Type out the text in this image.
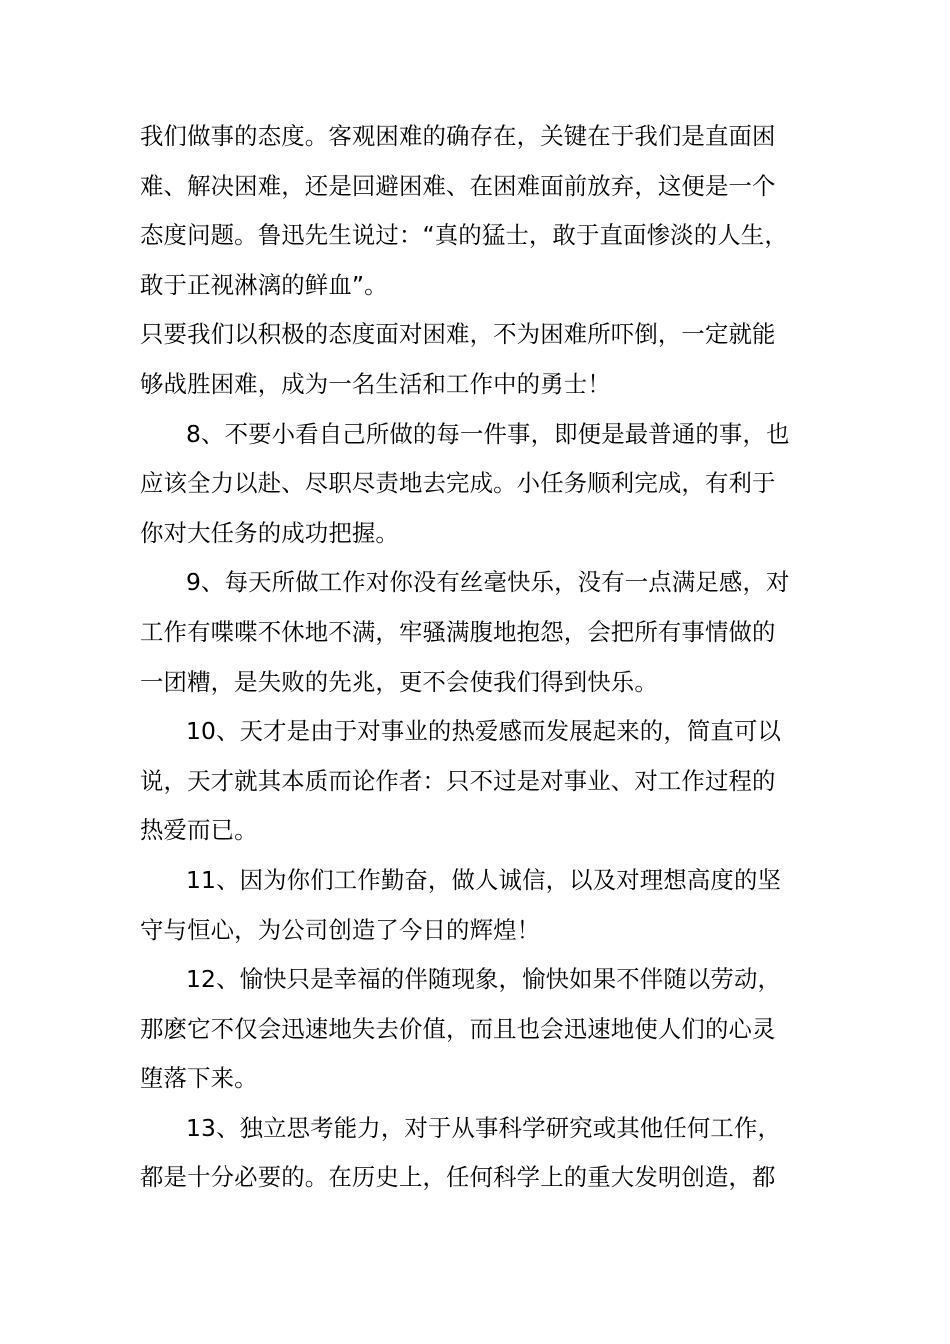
我们做事的态度。客观困难的确存在，关键在于我们是直面困
难、解决困难，还是回避困难、在困难面前放弃，这便是一个
态度问题。鲁迅先生说过：“真的猛士，敢于直面惨淡的人生，
敢于正视淋漓的鲜血”。

只要我们以积极的态度面对困难，不为困难所吓倒，一定就能
够战胜困难，成为一名生活和工作中的勇士！

8、不要小看自己所做的每一件事，即便是最普通的事，也
应该全力以赴、尽职尽责地去完成。小任务顺利完成，有利于
你对大任务的成功把握。

9、每天所做工作对你没有丝毫快乐，没有一点满足感，对
工作有喋喋不休地不满，牢骚满腹地抱怨，会把所有事情做的
一团糟，是失败的先兆，更不会使我们得到快乐。

10、天才是由于对事业的热爱感而发展起来的，简直可以
说，天才就其本质而论作者：只不过是对事业、对工作过程的
热爱而已。

11、因为你们工作勤奋，做人诚信，以及对理想高度的坚
守与恒心，为公司创造了今日的辉煌！

12、愉快只是幸福的伴随现象，愉快如果不伴随以劳动，
那麽它不仅会迅速地失去价值，而且也会迅速地使人们的心灵
堕落下来。

13、独立思考能力，对于从事科学研究或其他任何工作，
都是十分必要的。在历史上，任何科学上的重大发明创造，都
